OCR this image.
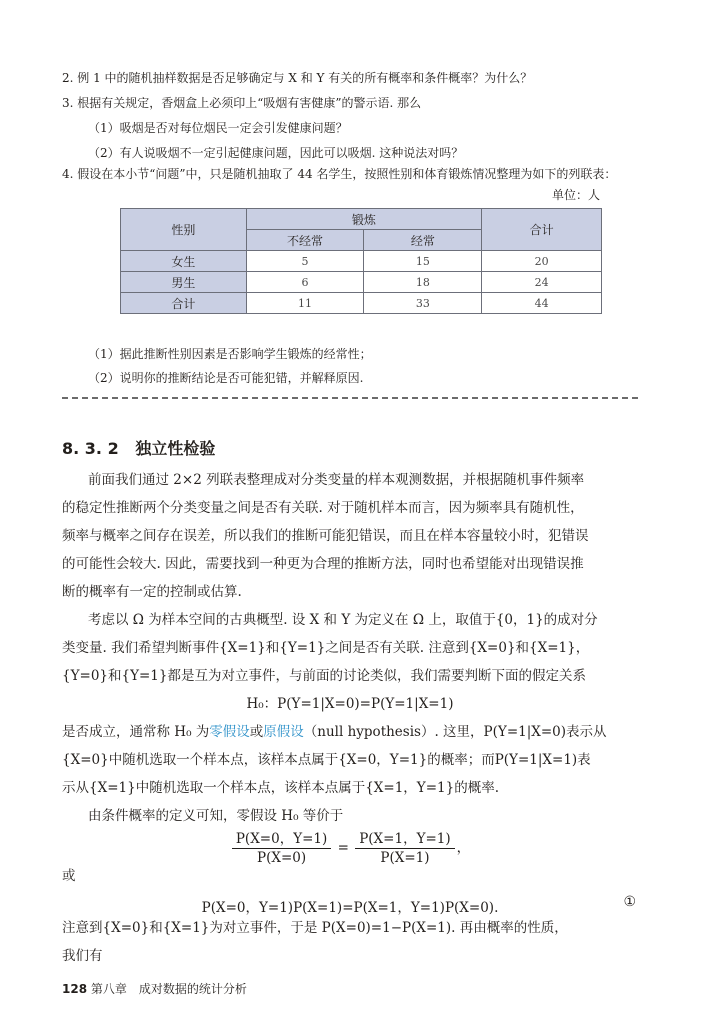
2. 例 1 中的随机抽样数据是否足够确定与 X 和 Y 有关的所有概率和条件概率？为什么？
3. 根据有关规定，香烟盒上必须印上“吸烟有害健康”的警示语. 那么
（1）吸烟是否对每位烟民一定会引发健康问题？
（2）有人说吸烟不一定引起健康问题，因此可以吸烟. 这种说法对吗？
4. 假设在本小节“问题”中，只是随机抽取了 44 名学生，按照性别和体育锻炼情况整理为如下的列联表：
单位：人
性别	锻炼		合计
	不经常	经常	
女生	5	15	20
男生	6	18	24
合计	11	33	44
（1）据此推断性别因素是否影响学生锻炼的经常性；
（2）说明你的推断结论是否可能犯错，并解释原因.
8. 3. 2 独立性检验
前面我们通过 2×2 列联表整理成对分类变量的样本观测数据，并根据随机事件频率
的稳定性推断两个分类变量之间是否有关联. 对于随机样本而言，因为频率具有随机性，
频率与概率之间存在误差，所以我们的推断可能犯错误，而且在样本容量较小时，犯错误
的可能性会较大. 因此，需要找到一种更为合理的推断方法，同时也希望能对出现错误推
断的概率有一定的控制或估算.
考虑以 Ω 为样本空间的古典概型. 设 X 和 Y 为定义在 Ω 上，取值于{0，1}的成对分
类变量. 我们希望判断事件{X=1}和{Y=1}之间是否有关联. 注意到{X=0}和{X=1}，
{Y=0}和{Y=1}都是互为对立事件，与前面的讨论类似，我们需要判断下面的假定关系
H₀：P(Y=1|X=0)=P(Y=1|X=1)
是否成立，通常称 H₀ 为零假设或原假设（null hypothesis）. 这里，P(Y=1|X=0)表示从
{X=0}中随机选取一个样本点，该样本点属于{X=0，Y=1}的概率；而P(Y=1|X=1)表
示从{X=1}中随机选取一个样本点，该样本点属于{X=1，Y=1}的概率.
由条件概率的定义可知，零假设 H₀ 等价于
$\frac{P(X=0,Y=1)}{P(X=0)} = \frac{P(X=1,Y=1)}{P(X=1)}$ ，
或
P(X=0，Y=1)P(X=1)=P(X=1，Y=1)P(X=0).	①
注意到{X=0}和{X=1}为对立事件，于是 P(X=0)=1−P(X=1). 再由概率的性质，
我们有
128 第八章　成对数据的统计分析
